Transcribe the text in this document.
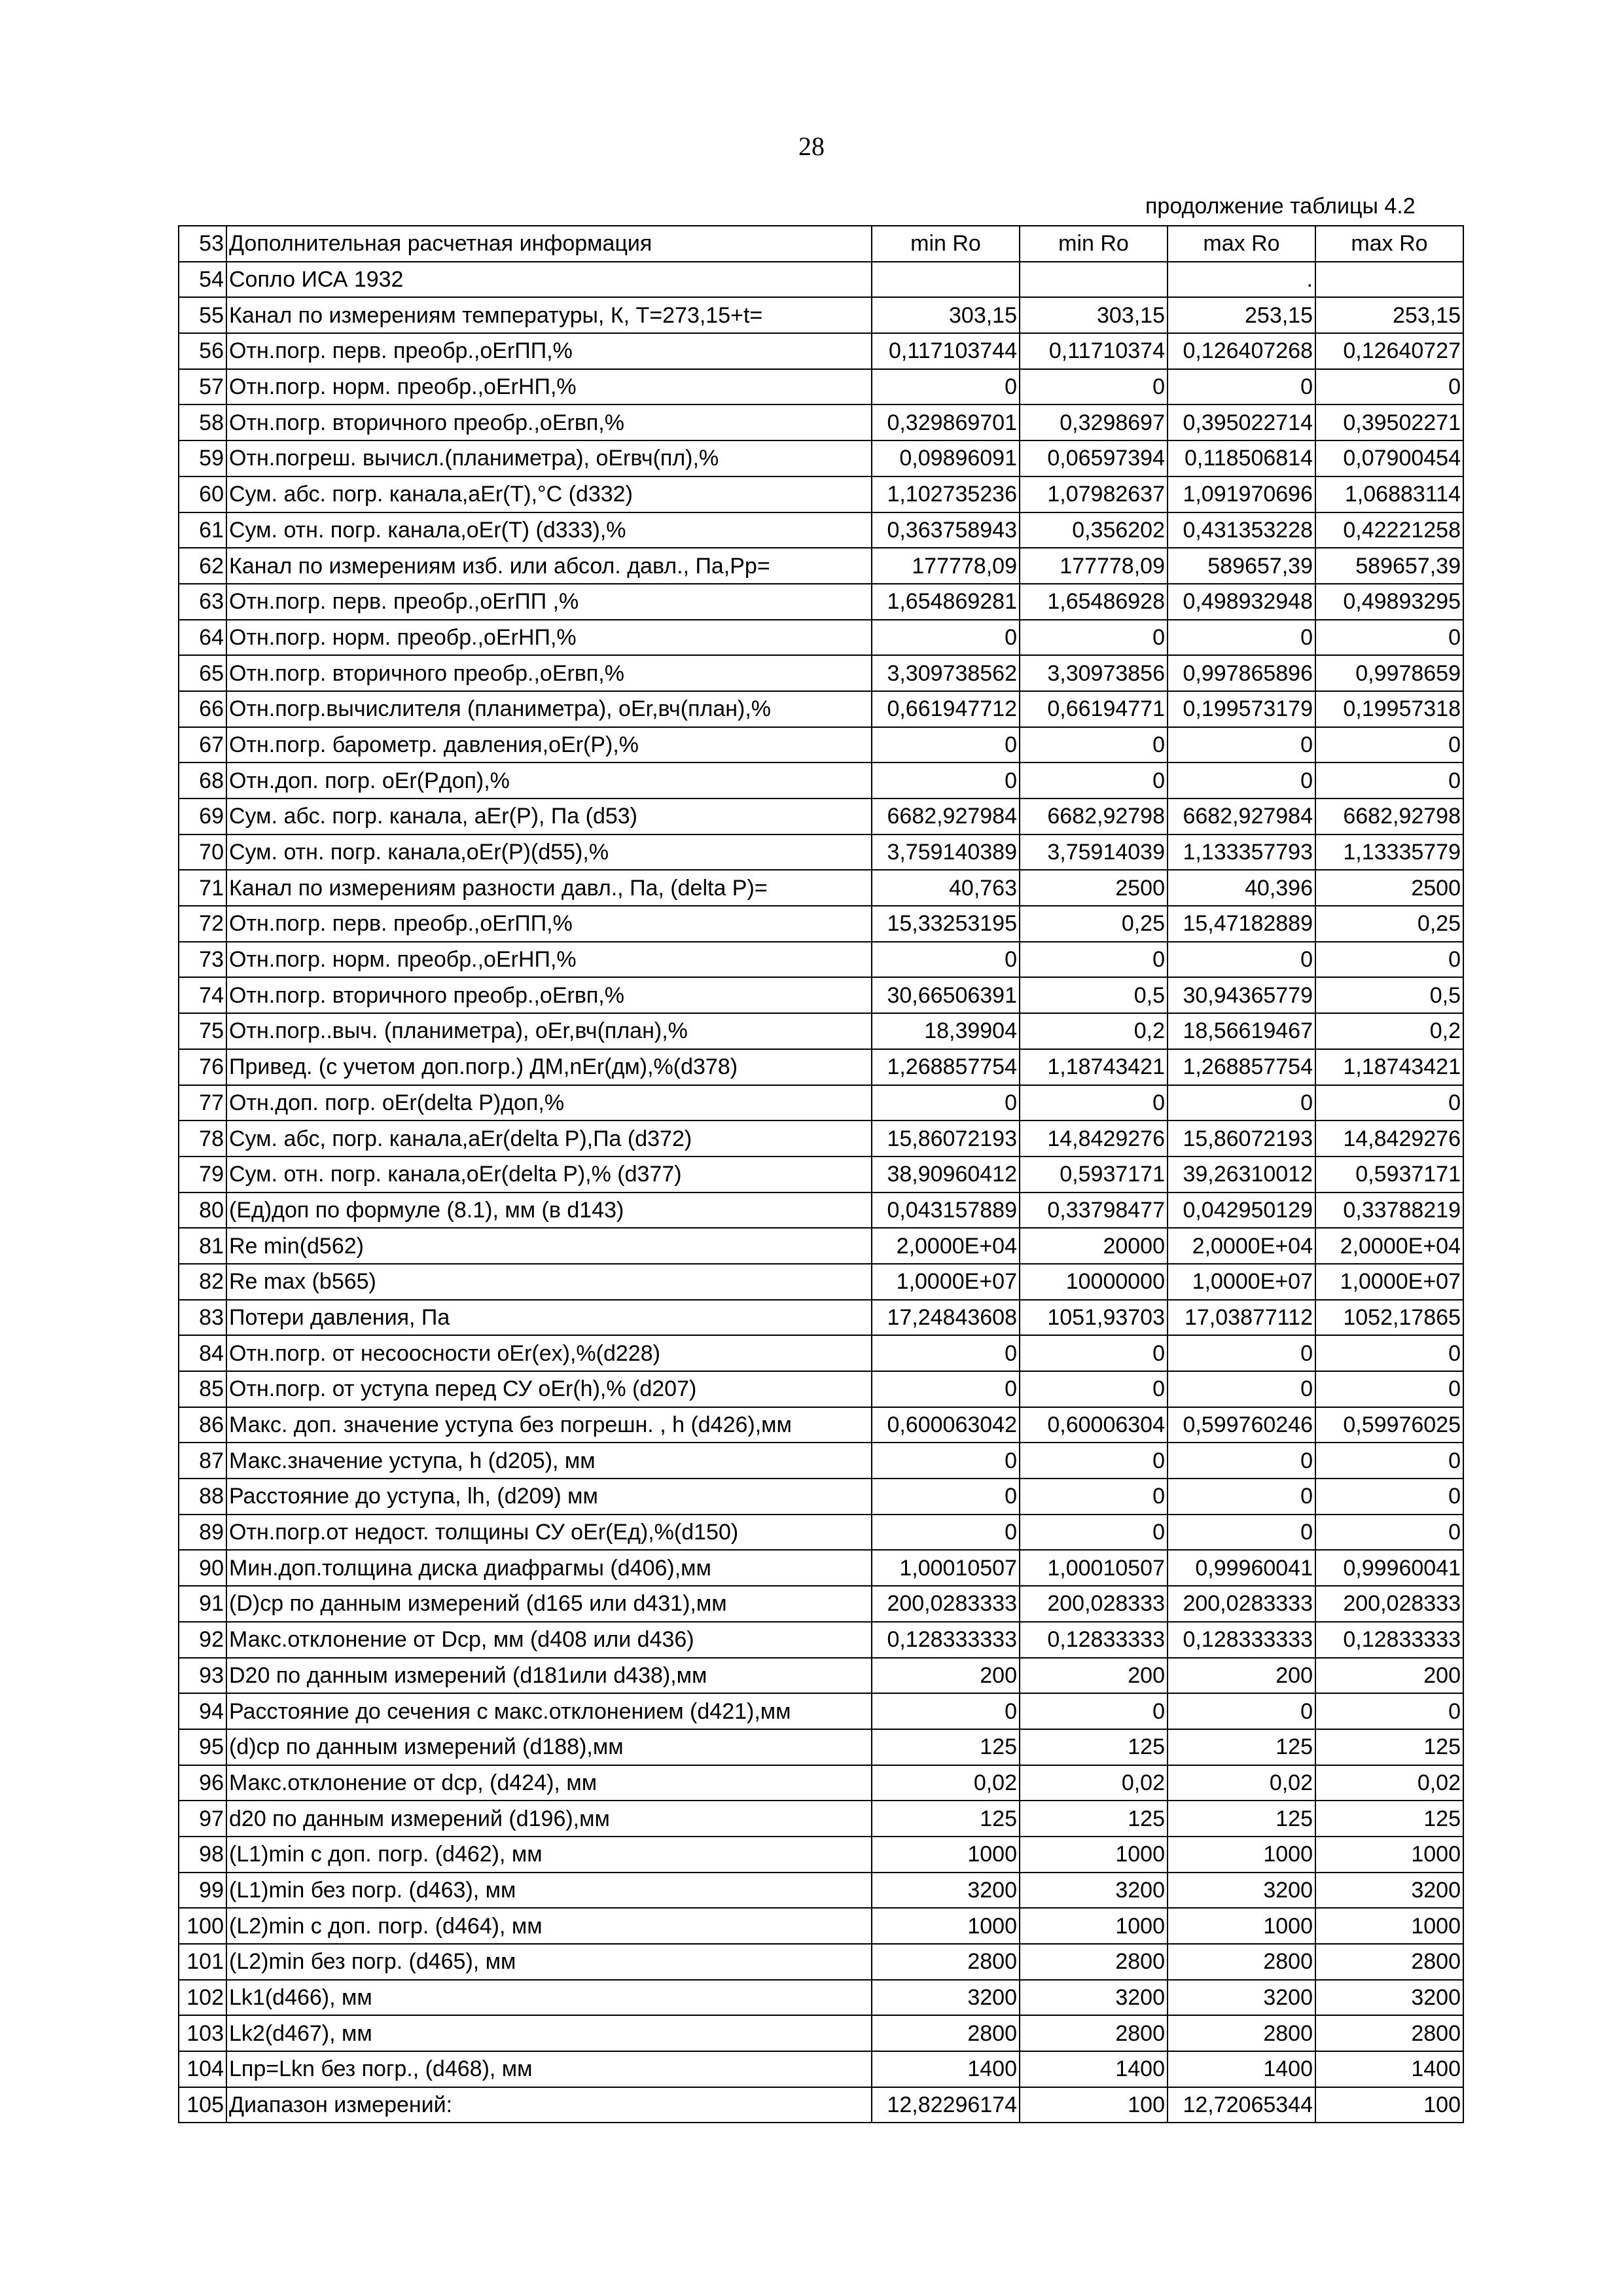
28
продолжение таблицы 4.2
53	Дополнительная расчетная информация	min Ro	min Ro	max Ro	max Ro
54	Сопло ИСА 1932			.	
55	Канал по измерениям температуры, К, Т=273,15+t=	303,15	303,15	253,15	253,15
56	Отн.погр. перв. преобр.,oErПП,%	0,117103744	0,11710374	0,126407268	0,12640727
57	Отн.погр. норм. преобр.,oErНП,%	0	0	0	0
58	Отн.погр. вторичного преобр.,oErвп,%	0,329869701	0,3298697	0,395022714	0,39502271
59	Отн.погреш. вычисл.(планиметра), oErвч(пл),%	0,09896091	0,06597394	0,118506814	0,07900454
60	Сум. абс. погр. канала,aEr(T),°C (d332)	1,102735236	1,07982637	1,091970696	1,06883114
61	Сум. отн. погр. канала,oEr(T) (d333),%	0,363758943	0,356202	0,431353228	0,42221258
62	Канал по измерениям изб. или абсол. давл., Па,Pp=	177778,09	177778,09	589657,39	589657,39
63	Отн.погр. перв. преобр.,oErПП ,%	1,654869281	1,65486928	0,498932948	0,49893295
64	Отн.погр. норм. преобр.,oErНП,%	0	0	0	0
65	Отн.погр. вторичного преобр.,oErвп,%	3,309738562	3,30973856	0,997865896	0,9978659
66	Отн.погр.вычислителя (планиметра), oEr,вч(план),%	0,661947712	0,66194771	0,199573179	0,19957318
67	Отн.погр. барометр. давления,oEr(P),%	0	0	0	0
68	Отн.доп. погр. oEr(Pдоп),%	0	0	0	0
69	Сум. абс. погр. канала, aEr(P), Па (d53)	6682,927984	6682,92798	6682,927984	6682,92798
70	Сум. отн. погр. канала,oEr(P)(d55),%	3,759140389	3,75914039	1,133357793	1,13335779
71	Канал по измерениям разности давл., Па, (delta P)=	40,763	2500	40,396	2500
72	Отн.погр. перв. преобр.,oErПП,%	15,33253195	0,25	15,47182889	0,25
73	Отн.погр. норм. преобр.,oErНП,%	0	0	0	0
74	Отн.погр. вторичного преобр.,oErвп,%	30,66506391	0,5	30,94365779	0,5
75	Отн.погр..выч. (планиметра), oEr,вч(план),%	18,39904	0,2	18,56619467	0,2
76	Привед. (с учетом доп.погр.) ДМ,nEr(дм),%(d378)	1,268857754	1,18743421	1,268857754	1,18743421
77	Отн.доп. погр. oEr(delta P)доп,%	0	0	0	0
78	Сум. абс, погр. канала,aEr(delta P),Па (d372)	15,86072193	14,8429276	15,86072193	14,8429276
79	Сум. отн. погр. канала,oEr(delta P),% (d377)	38,90960412	0,5937171	39,26310012	0,5937171
80	(Eд)доп по формуле (8.1), мм (в d143)	0,043157889	0,33798477	0,042950129	0,33788219
81	Re min(d562)	2,0000E+04	20000	2,0000E+04	2,0000E+04
82	Re max (b565)	1,0000E+07	10000000	1,0000E+07	1,0000E+07
83	Потери давления, Па	17,24843608	1051,93703	17,03877112	1052,17865
84	Отн.погр. от несоосности oEr(ex),%(d228)	0	0	0	0
85	Отн.погр. от уступа перед СУ oEr(h),% (d207)	0	0	0	0
86	Макс. доп. значение уступа без погрешн. , h (d426),мм	0,600063042	0,60006304	0,599760246	0,59976025
87	Макс.значение уступа, h (d205), мм	0	0	0	0
88	Расстояние до уступа, lh, (d209) мм	0	0	0	0
89	Отн.погр.от недост. толщины СУ oEr(Eд),%(d150)	0	0	0	0
90	Мин.доп.толщина диска диафрагмы (d406),мм	1,00010507	1,00010507	0,99960041	0,99960041
91	(D)ср по данным измерений (d165 или d431),мм	200,0283333	200,028333	200,0283333	200,028333
92	Макс.отклонение от Dср, мм (d408 или d436)	0,128333333	0,12833333	0,128333333	0,12833333
93	D20 по данным измерений (d181или d438),мм	200	200	200	200
94	Расстояние до сечения с макс.отклонением (d421),мм	0	0	0	0
95	(d)ср по данным измерений (d188),мм	125	125	125	125
96	Макс.отклонение от dср, (d424), мм	0,02	0,02	0,02	0,02
97	d20 по данным измерений (d196),мм	125	125	125	125
98	(L1)min с доп. погр. (d462), мм	1000	1000	1000	1000
99	(L1)min без погр. (d463), мм	3200	3200	3200	3200
100	(L2)min с доп. погр. (d464), мм	1000	1000	1000	1000
101	(L2)min без погр. (d465), мм	2800	2800	2800	2800
102	Lk1(d466), мм	3200	3200	3200	3200
103	Lk2(d467), мм	2800	2800	2800	2800
104	Lпр=Lkn без погр., (d468), мм	1400	1400	1400	1400
105	Диапазон измерений:	12,82296174	100	12,72065344	100
